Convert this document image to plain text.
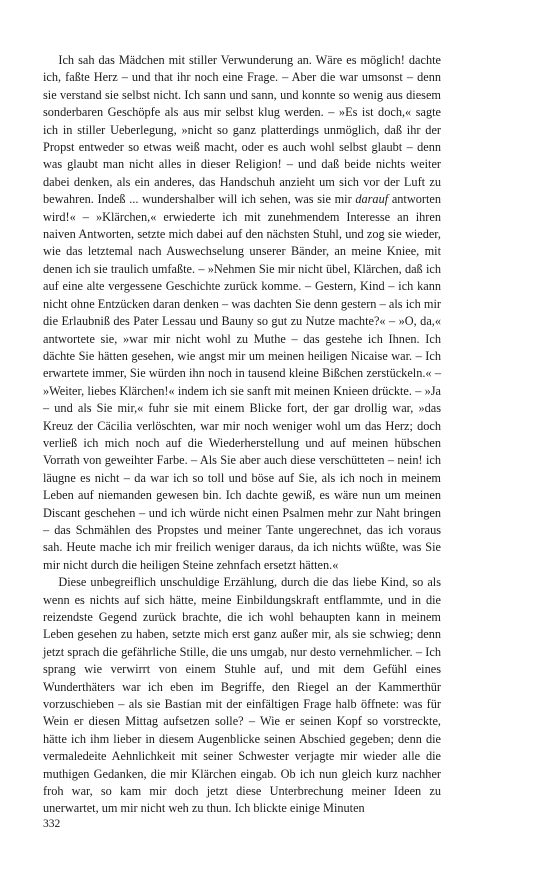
Ich sah das Mädchen mit stiller Verwunderung an. Wäre es möglich! dachte ich, faßte Herz – und that ihr noch eine Frage. – Aber die war umsonst – denn sie verstand sie selbst nicht. Ich sann und sann, und konnte so wenig aus diesem sonderbaren Geschöpfe als aus mir selbst klug werden. – »Es ist doch,« sagte ich in stiller Ueberlegung, »nicht so ganz platterdings unmöglich, daß ihr der Propst entweder so etwas weiß macht, oder es auch wohl selbst glaubt – denn was glaubt man nicht alles in dieser Religion! – und daß beide nichts weiter dabei denken, als ein anderes, das Handschuh anzieht um sich vor der Luft zu bewahren. Indeß ... wundershalber will ich sehen, was sie mir darauf antworten wird!« – »Klärchen,« erwiederte ich mit zunehmendem Interesse an ihren naiven Antworten, setzte mich dabei auf den nächsten Stuhl, und zog sie wieder, wie das letztemal nach Auswechselung unserer Bänder, an meine Kniee, mit denen ich sie traulich umfaßte. – »Nehmen Sie mir nicht übel, Klärchen, daß ich auf eine alte vergessene Geschichte zurück komme. – Gestern, Kind – ich kann nicht ohne Entzücken daran denken – was dachten Sie denn gestern – als ich mir die Erlaubniß des Pater Lessau und Bauny so gut zu Nutze machte?« – »O, da,« antwortete sie, »war mir nicht wohl zu Muthe – das gestehe ich Ihnen. Ich dächte Sie hätten gesehen, wie angst mir um meinen heiligen Nicaise war. – Ich erwartete immer, Sie würden ihn noch in tausend kleine Bißchen zerstückeln.« – »Weiter, liebes Klärchen!« indem ich sie sanft mit meinen Knieen drückte. – »Ja – und als Sie mir,« fuhr sie mit einem Blicke fort, der gar drollig war, »das Kreuz der Cäcilia verlöschten, war mir noch weniger wohl um das Herz; doch verließ ich mich noch auf die Wiederherstellung und auf meinen hübschen Vorrath von geweihter Farbe. – Als Sie aber auch diese verschütteten – nein! ich läugne es nicht – da war ich so toll und böse auf Sie, als ich noch in meinem Leben auf niemanden gewesen bin. Ich dachte gewiß, es wäre nun um meinen Discant geschehen – und ich würde nicht einen Psalmen mehr zur Naht bringen – das Schmählen des Propstes und meiner Tante ungerechnet, das ich voraus sah. Heute mache ich mir freilich weniger daraus, da ich nichts wüßte, was Sie mir nicht durch die heiligen Steine zehnfach ersetzt hätten.«

Diese unbegreiflich unschuldige Erzählung, durch die das liebe Kind, so als wenn es nichts auf sich hätte, meine Einbildungskraft entflammte, und in die reizendste Gegend zurück brachte, die ich wohl behaupten kann in meinem Leben gesehen zu haben, setzte mich erst ganz außer mir, als sie schwieg; denn jetzt sprach die gefährliche Stille, die uns umgab, nur desto vernehmlicher. – Ich sprang wie verwirrt von einem Stuhle auf, und mit dem Gefühl eines Wunderthäters war ich eben im Begriffe, den Riegel an der Kammerthür vorzuschieben – als sie Bastian mit der einfältigen Frage halb öffnete: was für Wein er diesen Mittag aufsetzen solle? – Wie er seinen Kopf so vorstreckte, hätte ich ihm lieber in diesem Augenblicke seinen Abschied gegeben; denn die vermaledeite Aehnlichkeit mit seiner Schwester verjagte mir wieder alle die muthigen Gedanken, die mir Klärchen eingab. Ob ich nun gleich kurz nachher froh war, so kam mir doch jetzt diese Unterbrechung meiner Ideen zu unerwartet, um mir nicht weh zu thun. Ich blickte einige Minuten

332
